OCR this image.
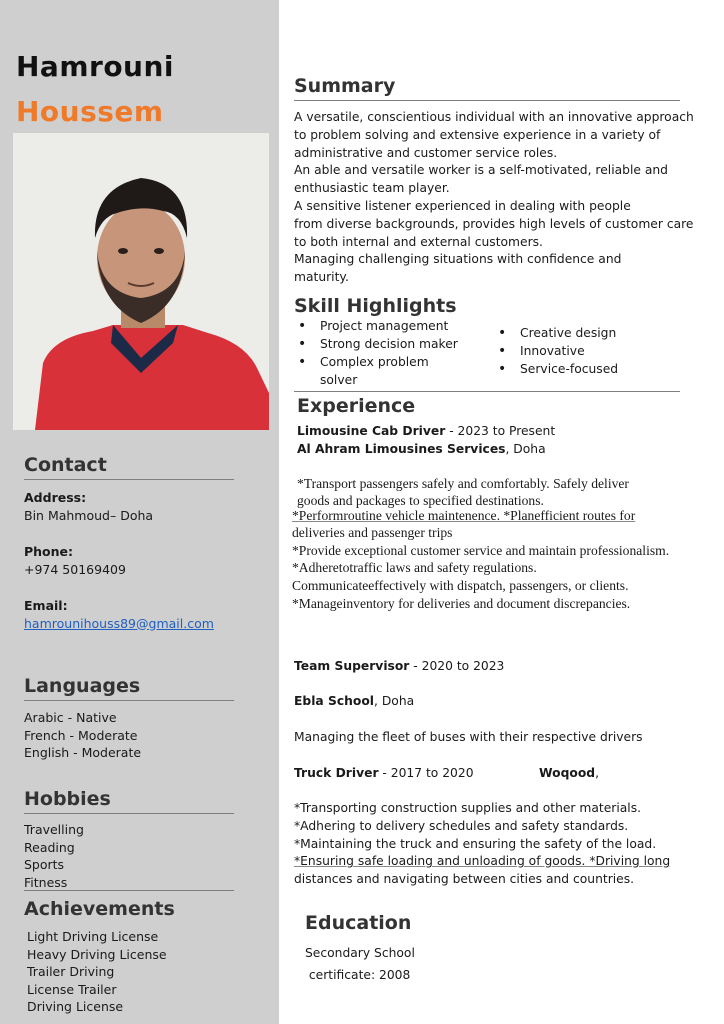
Hamrouni
Houssem
Contact
Address:
Bin Mahmoud– Doha
Phone:
+974 50169409
Email:
hamrounihouss89@gmail.com
Languages
Arabic - Native
French - Moderate
English - Moderate
Hobbies
Travelling
Reading
Sports
Fitness
Achievements
Light Driving License
Heavy Driving License
Trailer Driving
License Trailer
Driving License
Summary
A versatile, conscientious individual with an innovative approach
to problem solving and extensive experience in a variety of
administrative and customer service roles.
An able and versatile worker is a self-motivated, reliable and
enthusiastic team player.
A sensitive listener experienced in dealing with people
from diverse backgrounds, provides high levels of customer care
to both internal and external customers.
Managing challenging situations with confidence and
maturity.
Skill Highlights
• Project management
• Strong decision maker
• Complex problem solver
• Creative design
• Innovative
• Service-focused
Experience
Limousine Cab Driver - 2023 to Present
Al Ahram Limousines Services, Doha
*Transport passengers safely and comfortably. Safely deliver
goods and packages to specified destinations.
*Performroutine vehicle maintenence. *Planefficient routes for
deliveries and passenger trips
*Provide exceptional customer service and maintain professionalism.
*Adheretotraffic laws and safety regulations.
Communicateeffectively with dispatch, passengers, or clients.
*Manageinventory for deliveries and document discrepancies.
Team Supervisor - 2020 to 2023
Ebla School, Doha
Managing the fleet of buses with their respective drivers
Truck Driver - 2017 to 2020	Woqood,
*Transporting construction supplies and other materials.
*Adhering to delivery schedules and safety standards.
*Maintaining the truck and ensuring the safety of the load.
*Ensuring safe loading and unloading of goods. *Driving long
distances and navigating between cities and countries.
Education
Secondary School
certificate: 2008
